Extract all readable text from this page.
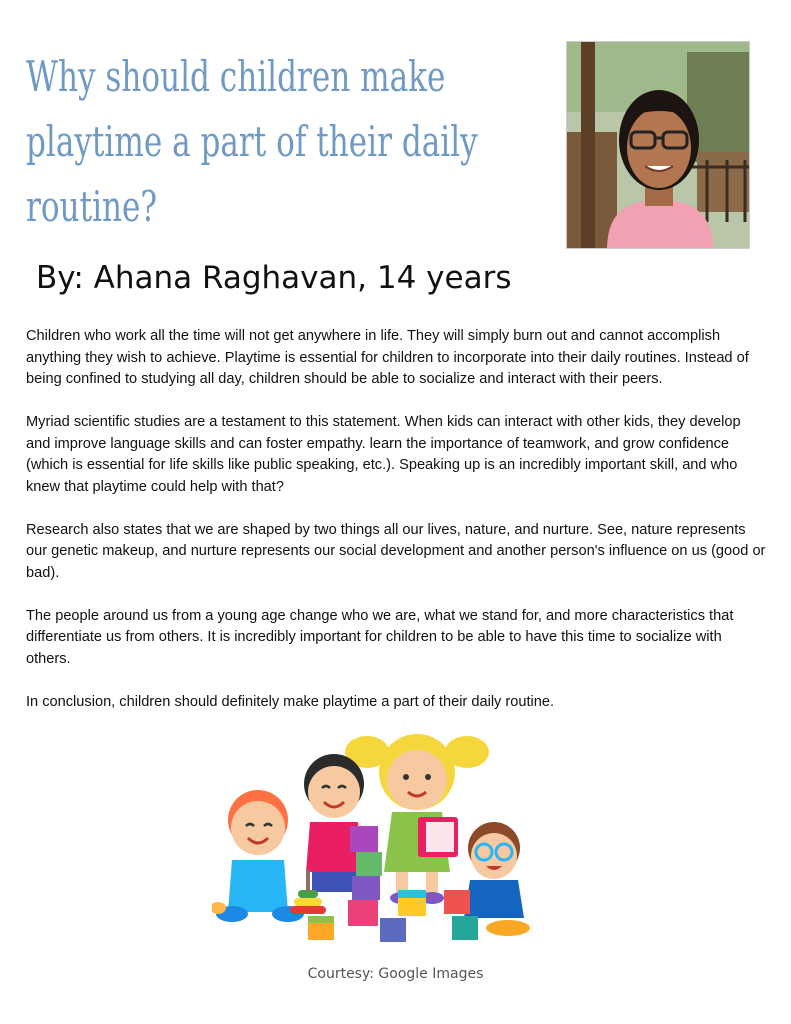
Why should children make playtime a part of their daily routine?
By: Ahana Raghavan, 14 years

Children who work all the time will not get anywhere in life. They will simply burn out and cannot accomplish anything they wish to achieve. Playtime is essential for children to incorporate into their daily routines. Instead of being confined to studying all day, children should be able to socialize and interact with their peers.

Myriad scientific studies are a testament to this statement. When kids can interact with other kids, they develop and improve language skills and can foster empathy. learn the importance of teamwork, and grow confidence (which is essential for life skills like public speaking, etc.). Speaking up is an incredibly important skill, and who knew that playtime could help with that?

Research also states that we are shaped by two things all our lives, nature, and nurture. See, nature represents our genetic makeup, and nurture represents our social development and another person's influence on us (good or bad).

The people around us from a young age change who we are, what we stand for, and more characteristics that differentiate us from others. It is incredibly important for children to be able to have this time to socialize with others.

In conclusion, children should definitely make playtime a part of their daily routine.

Courtesy: Google Images
